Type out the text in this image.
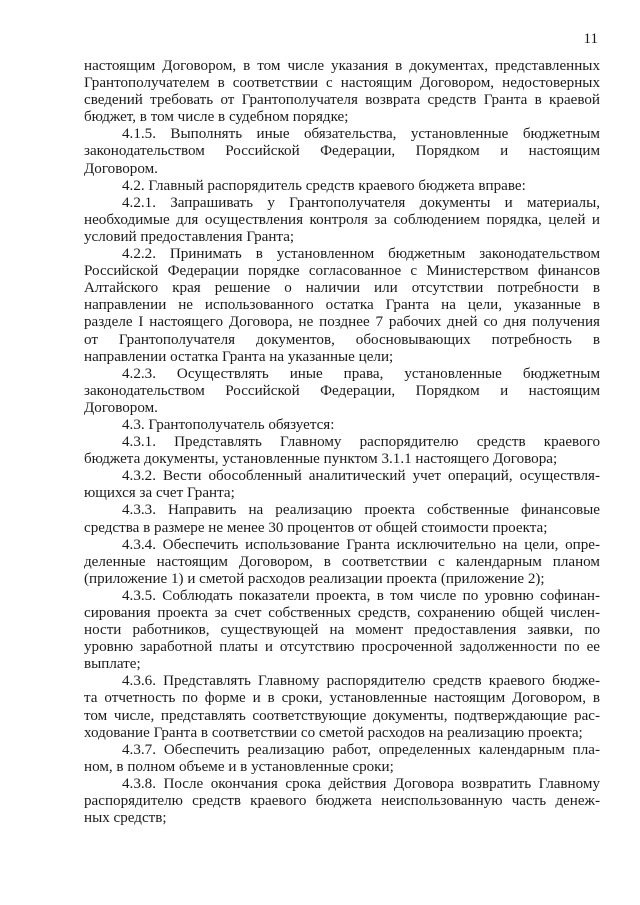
11
настоящим Договором, в том числе указания в документах, представленных
Грантополучателем в соответствии с настоящим Договором, недостоверных
сведений требовать от Грантополучателя возврата средств Гранта в краевой
бюджет, в том числе в судебном порядке;
4.1.5. Выполнять иные обязательства, установленные бюджетным
законодательством Российской Федерации, Порядком и настоящим
Договором.
4.2. Главный распорядитель средств краевого бюджета вправе:
4.2.1. Запрашивать у Грантополучателя документы и материалы,
необходимые для осуществления контроля за соблюдением порядка, целей и
условий предоставления Гранта;
4.2.2. Принимать в установленном бюджетным законодательством
Российской Федерации порядке согласованное с Министерством финансов
Алтайского края решение о наличии или отсутствии потребности в
направлении не использованного остатка Гранта на цели, указанные в
разделе I настоящего Договора, не позднее 7 рабочих дней со дня получения
от Грантополучателя документов, обосновывающих потребность в
направлении остатка Гранта на указанные цели;
4.2.3. Осуществлять иные права, установленные бюджетным
законодательством Российской Федерации, Порядком и настоящим
Договором.
4.3. Грантополучатель обязуется:
4.3.1. Представлять Главному распорядителю средств краевого
бюджета документы, установленные пунктом 3.1.1 настоящего Договора;
4.3.2. Вести обособленный аналитический учет операций, осуществля-
ющихся за счет Гранта;
4.3.3. Направить на реализацию проекта собственные финансовые
средства в размере не менее 30 процентов от общей стоимости проекта;
4.3.4. Обеспечить использование Гранта исключительно на цели, опре-
деленные настоящим Договором, в соответствии с календарным планом
(приложение 1) и сметой расходов реализации проекта (приложение 2);
4.3.5. Соблюдать показатели проекта, в том числе по уровню софинан-
сирования проекта за счет собственных средств, сохранению общей числен-
ности работников, существующей на момент предоставления заявки, по
уровню заработной платы и отсутствию просроченной задолженности по ее
выплате;
4.3.6. Представлять Главному распорядителю средств краевого бюдже-
та отчетность по форме и в сроки, установленные настоящим Договором, в
том числе, представлять соответствующие документы, подтверждающие рас-
ходование Гранта в соответствии со сметой расходов на реализацию проекта;
4.3.7. Обеспечить реализацию работ, определенных календарным пла-
ном, в полном объеме и в установленные сроки;
4.3.8. После окончания срока действия Договора возвратить Главному
распорядителю средств краевого бюджета неиспользованную часть денеж-
ных средств;
